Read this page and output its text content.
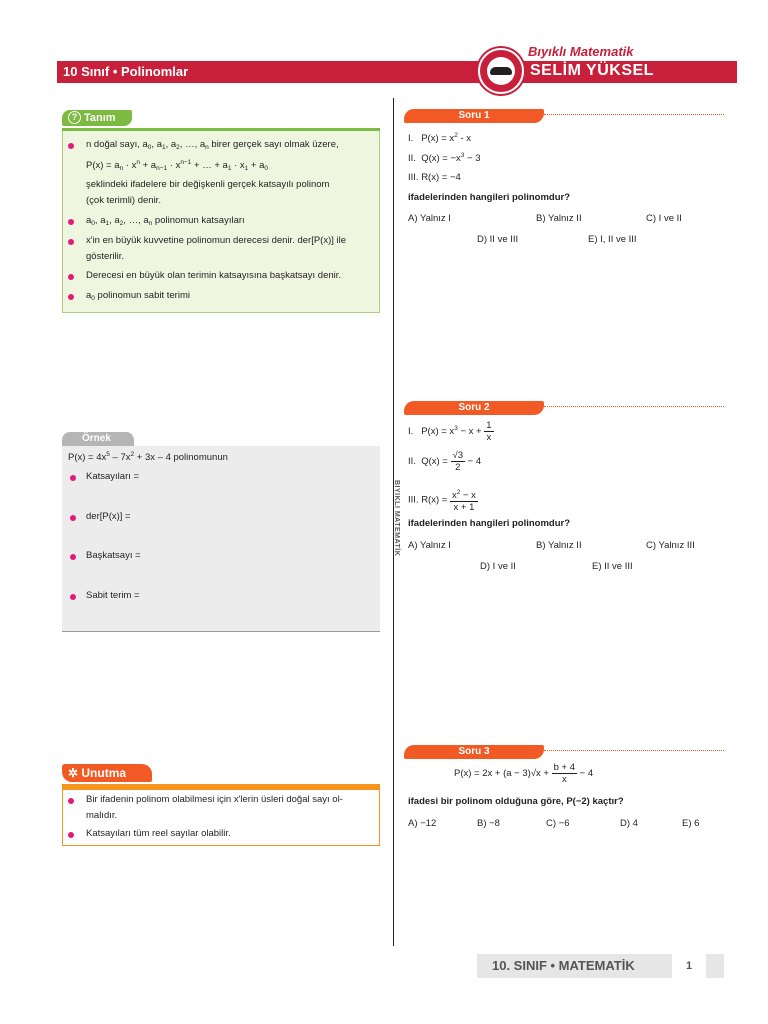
10 Sınıf • Polinomlar
Bıyıklı Matematik
SELİM YÜKSEL
? Tanım
n doğal sayı, $a_0$, $a_1$, $a_2$, …, $a_n$ birer gerçek sayı olmak üzere,
$P(x) = a_n \cdot x^n + a_{n-1} \cdot x^{n-1}$ + … + $a_1 \cdot x_1 + a_0$
şeklindeki ifadelere bir değişkenli gerçek katsayılı polinom
(çok terimli) denir.
$a_0$, $a_1$, $a_2$, …, $a_n$ polinomun katsayıları
x'in en büyük kuvvetine polinomun derecesi denir. der[P(x)] ile
gösterilir.
Derecesi en büyük olan terimin katsayısına başkatsayı denir.
$a_0$ polinomun sabit terimi
Örnek
$P(x) = 4x^5 - 7x^2 + 3x - 4$ polinomunun
Katsayıları =
der[P(x)] =
Başkatsayı =
Sabit terim =
✲ Unutma
Bir ifadenin polinom olabilmesi için x'lerin üsleri doğal sayı ol-
malıdır.
Katsayıları tüm reel sayılar olabilir.
BIYIKLI MATEMATİK
Soru 1
I.   $P(x) = x^2 - x$
II.  $Q(x) = -x^3 - 3$
III. R(x) = −4
ifadelerinden hangileri polinomdur?
A) Yalnız I	B) Yalnız II	C) I ve II
D) II ve III	E) I, II ve III
Soru 2
I.   $P(x) = x^3 - x + \frac{1}{x}$
II.  $Q(x) = \frac{√3}{2} - 4$
III. $R(x) = \frac{x^2 - x}{x + 1}$
ifadelerinden hangileri polinomdur?
A) Yalnız I	B) Yalnız II	C) Yalnız III
D) I ve II	E) II ve III
Soru 3
$P(x) = 2x + (a - 3)√x + \frac{b + 4}{x} - 4$
ifadesi bir polinom olduğuna göre, P(−2) kaçtır?
A) −12	B) −8	C) −6	D) 4	E) 6
10. SINIF • MATEMATİK	1
